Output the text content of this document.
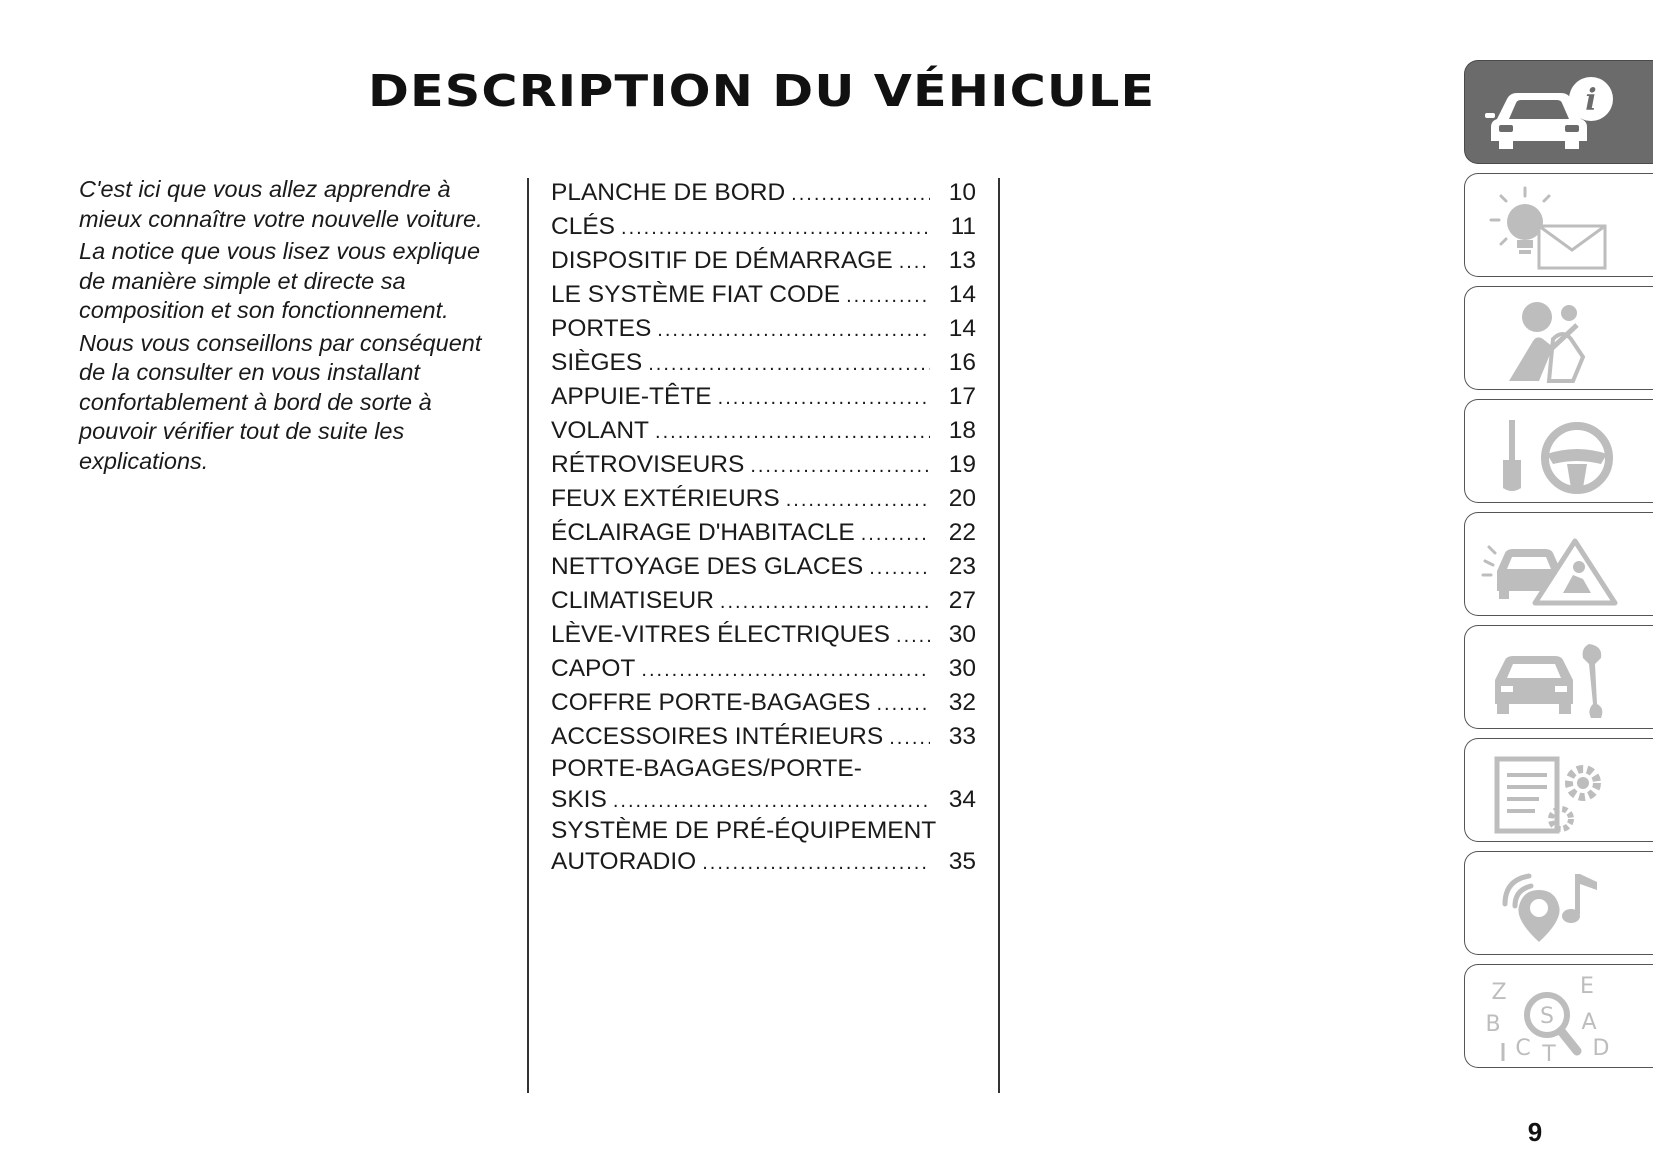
DESCRIPTION DU VÉHICULE

C'est ici que vous allez apprendre à mieux connaître votre nouvelle voiture.

La notice que vous lisez vous explique de manière simple et directe sa composition et son fonctionnement.

Nous vous conseillons par conséquent de la consulter en vous installant confortablement à bord de sorte à pouvoir vérifier tout de suite les explications.

PLANCHE DE BORD .....	10
CLÉS .....	11
DISPOSITIF DE DÉMARRAGE .....	13
LE SYSTÈME FIAT CODE .....	14
PORTES .....	14
SIÈGES .....	16
APPUIE-TÊTE .....	17
VOLANT .....	18
RÉTROVISEURS .....	19
FEUX EXTÉRIEURS .....	20
ÉCLAIRAGE D'HABITACLE .....	22
NETTOYAGE DES GLACES .....	23
CLIMATISEUR .....	27
LÈVE-VITRES ÉLECTRIQUES .....	30
CAPOT .....	30
COFFRE PORTE-BAGAGES .....	32
ACCESSOIRES INTÉRIEURS .....	33
PORTE-BAGAGES/PORTE-
SKIS .....	34
SYSTÈME DE PRÉ-ÉQUIPEMENT
AUTORADIO .....	35
i
Z	E
B	A
C T D
S
9
